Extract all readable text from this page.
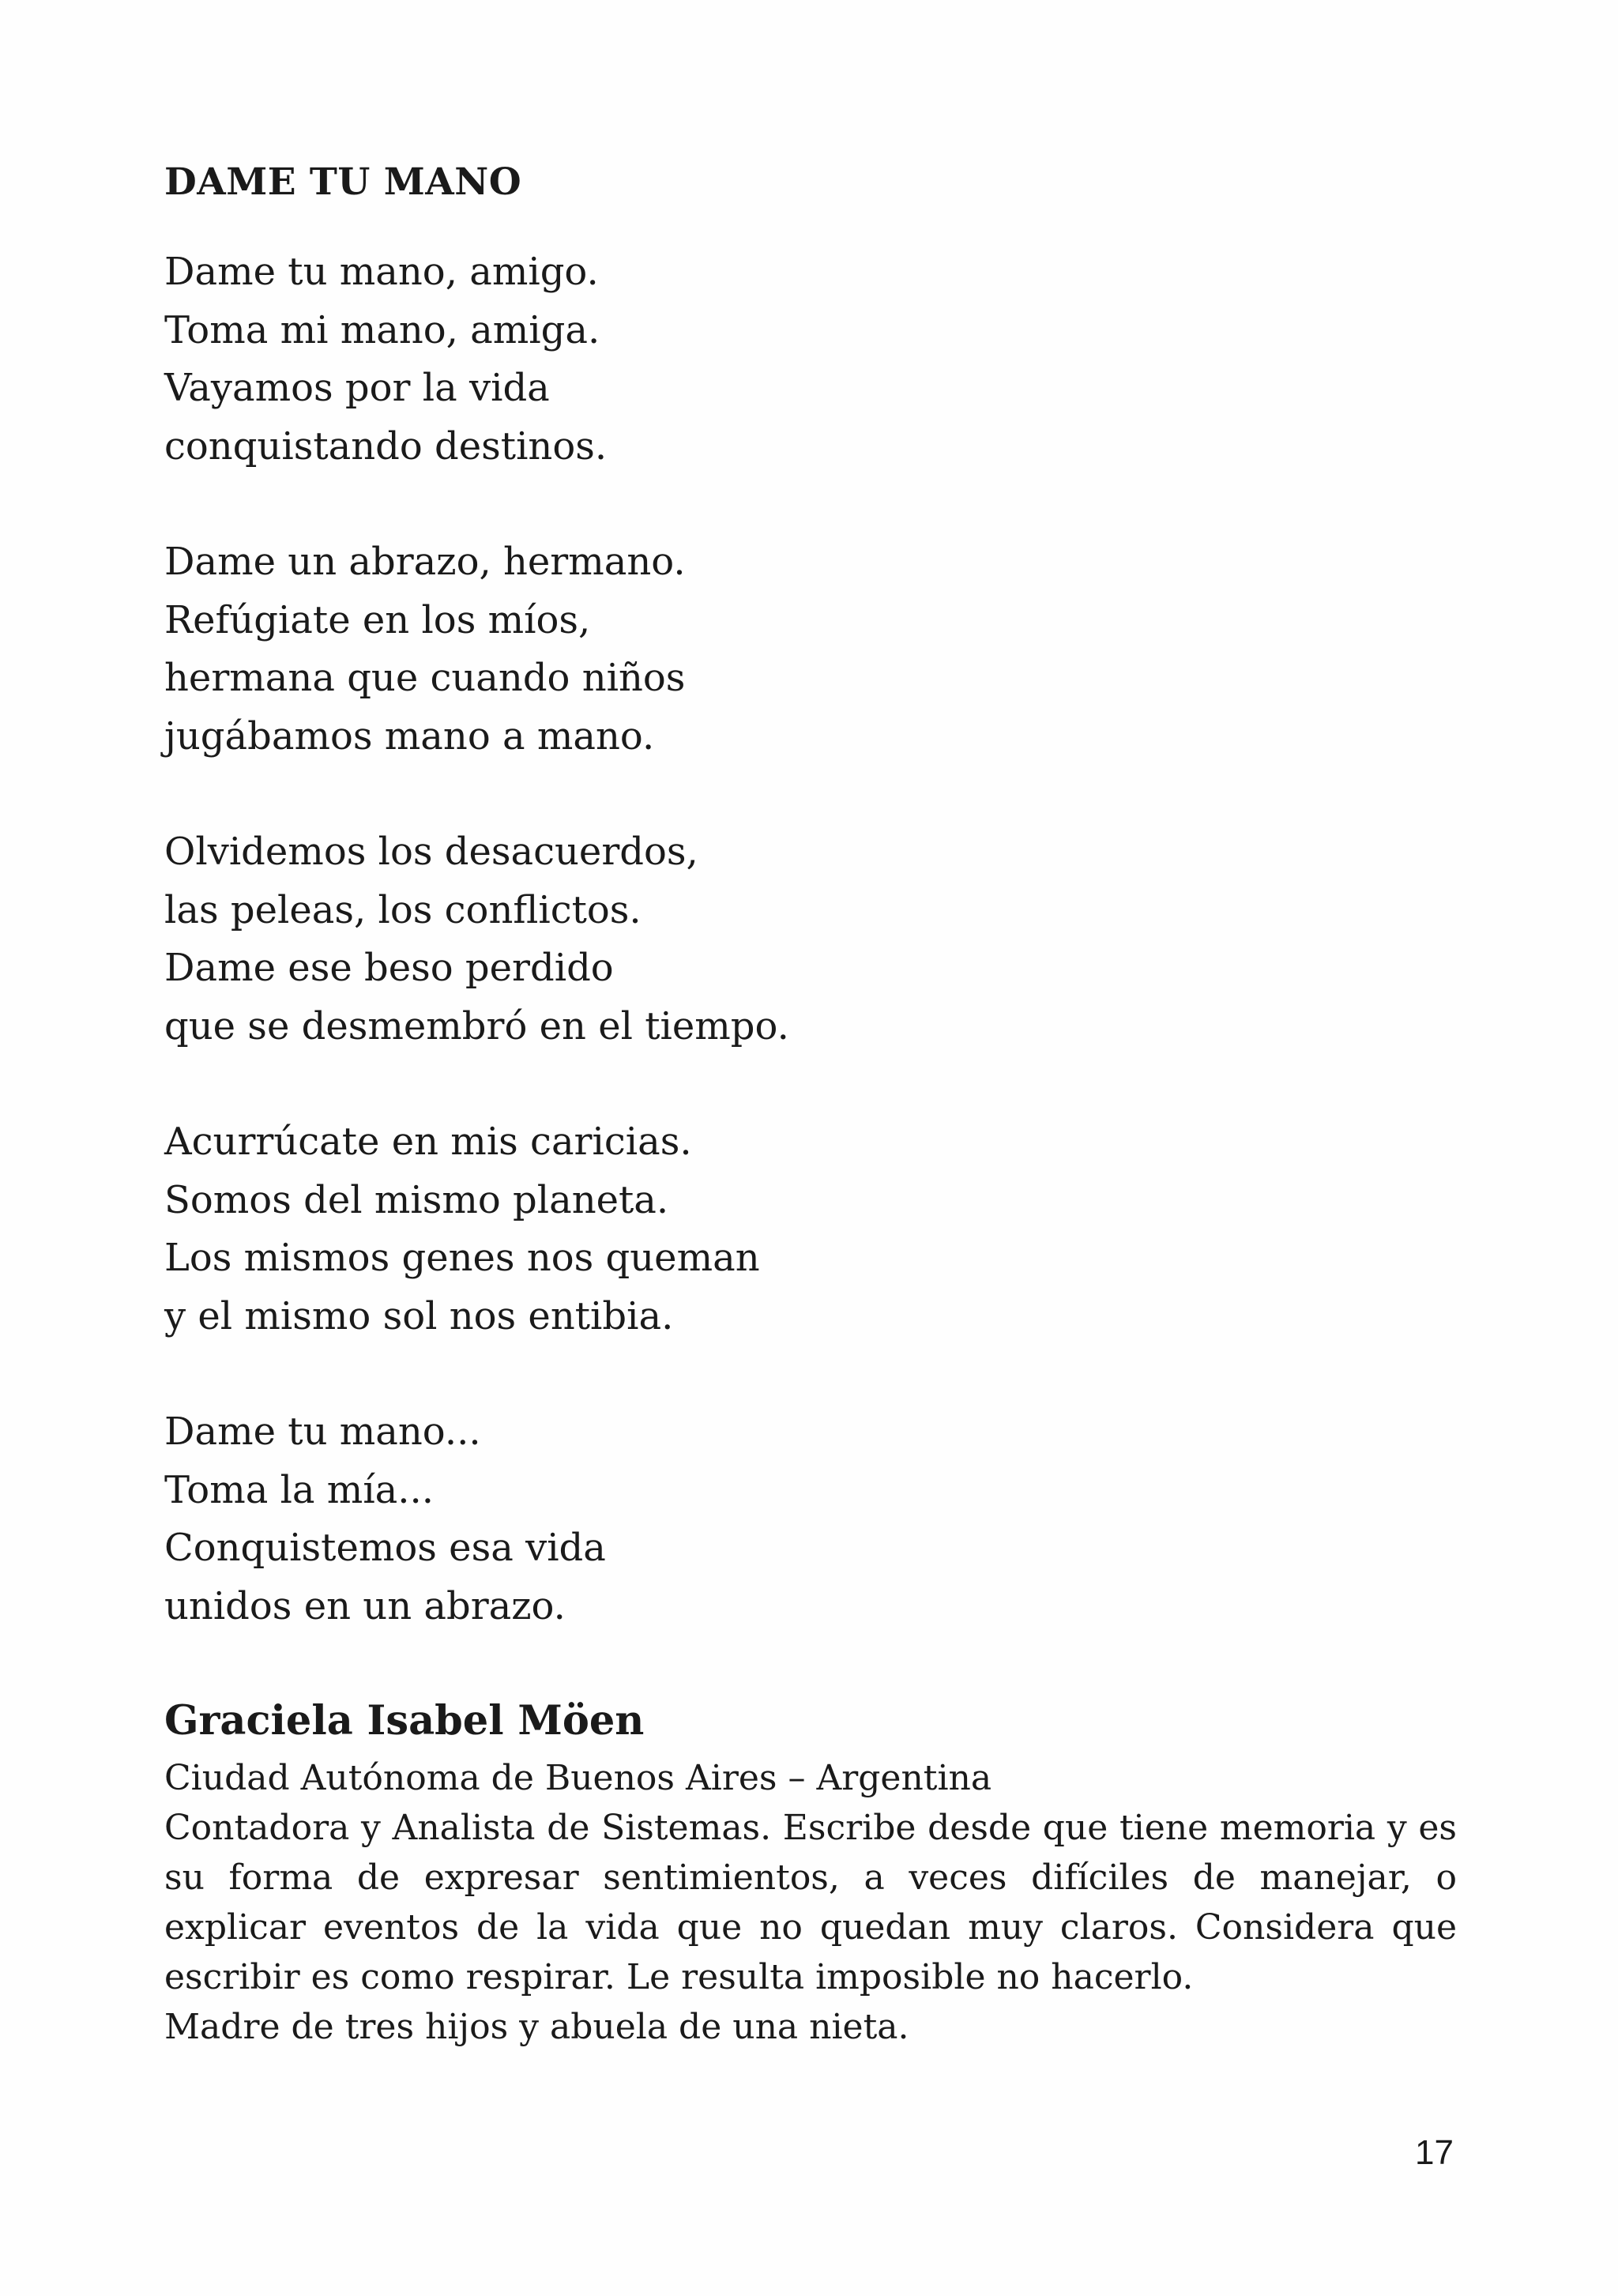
DAME TU MANO
Dame tu mano, amigo.
Toma mi mano, amiga.
Vayamos por la vida
conquistando destinos.
Dame un abrazo, hermano.
Refúgiate en los míos,
hermana que cuando niños
jugábamos mano a mano.
Olvidemos los desacuerdos,
las peleas, los conflictos.
Dame ese beso perdido
que se desmembró en el tiempo.
Acurrúcate en mis caricias.
Somos del mismo planeta.
Los mismos genes nos queman
y el mismo sol nos entibia.
Dame tu mano...
Toma la mía...
Conquistemos esa vida
unidos en un abrazo.
Graciela Isabel Möen
Ciudad Autónoma de Buenos Aires – Argentina

Contadora y Analista de Sistemas. Escribe desde que tiene memoria y es su forma de expresar sentimientos, a veces difíciles de manejar, o explicar eventos de la vida que no quedan muy claros. Considera que escribir es como respirar. Le resulta imposible no hacerlo.

Madre de tres hijos y abuela de una nieta.
17
